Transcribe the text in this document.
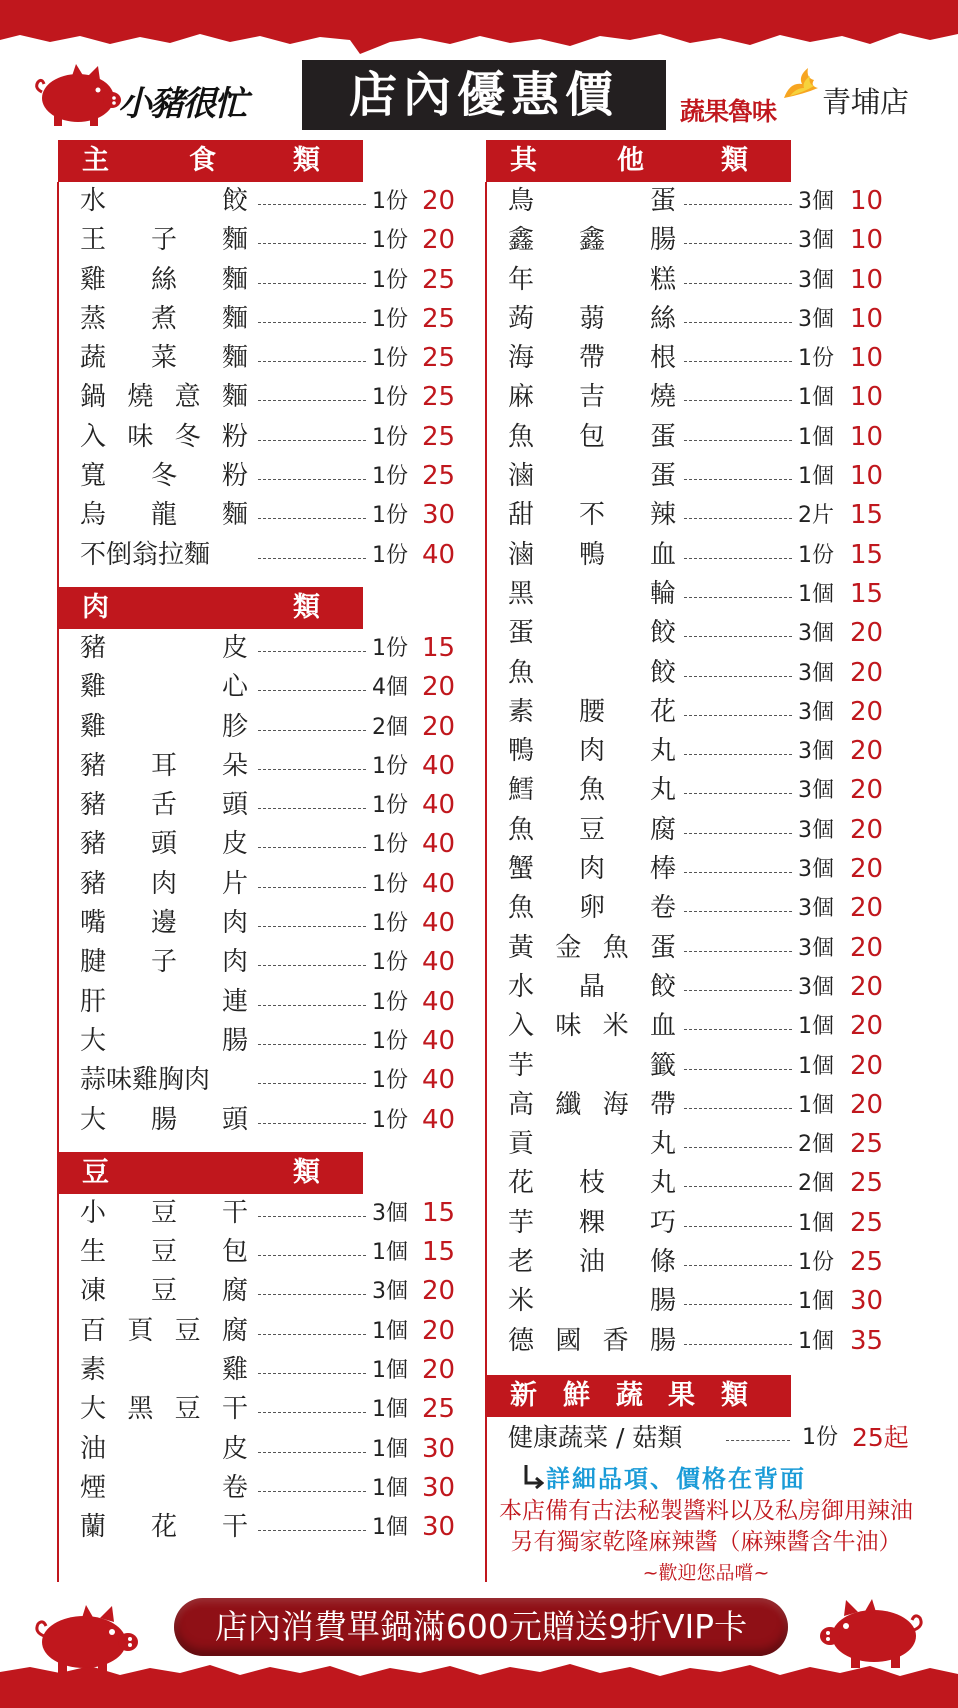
小豬很忙	店內優惠價	蔬果魯味 青埔店
主	食	類
水	餃	1份 20
王 子 麵	1份 20
雞 絲 麵	1份 25
蒸 煮 麵	1份 25
蔬 菜 麵	1份 25
鍋 燒 意 麵	1份 25
入 味 冬 粉	1份 25
寬 冬 粉	1份 25
烏 龍 麵	1份 30
不倒翁拉麵	1份 40
肉	類
豬	皮	1份 15
雞	心	4個 20
雞	胗	2個 20
豬 耳 朵	1份 40
豬 舌 頭	1份 40
豬 頭 皮	1份 40
豬 肉 片	1份 40
嘴 邊 肉	1份 40
腱 子 肉	1份 40
肝	連	1份 40
大	腸	1份 40
蒜味雞胸肉	1份 40
大 腸 頭	1份 40
豆	類
小 豆 干	3個 15
生 豆 包	1個 15
凍 豆 腐	3個 20
百 頁 豆 腐	1個 20
素	雞	1個 20
大 黑 豆 干	1個 25
油	皮	1個 30
煙	卷	1個 30
蘭 花 干	1個 30
其	他	類
鳥	蛋	3個 10
鑫 鑫 腸	3個 10
年	糕	3個 10
蒟 蒻 絲	3個 10
海 帶 根	1份 10
麻 吉 燒	1個 10
魚 包 蛋	1個 10
滷	蛋	1個 10
甜 不 辣	2片 15
滷 鴨 血	1份 15
黑	輪	1個 15
蛋	餃	3個 20
魚	餃	3個 20
素 腰 花	3個 20
鴨 肉 丸	3個 20
鱈 魚 丸	3個 20
魚 豆 腐	3個 20
蟹 肉 棒	3個 20
魚 卵 卷	3個 20
黃 金 魚 蛋	3個 20
水 晶 餃	3個 20
入 味 米 血	1個 20
芋	籤	1個 20
高 纖 海 帶	1個 20
貢	丸	2個 25
花 枝 丸	2個 25
芋 粿 巧	1個 25
老 油 條	1份 25
米	腸	1個 30
德 國 香 腸	1個 35
新 鮮 蔬 果 類
健康蔬菜 / 菇類	1份 25起
詳細品項、價格在背面
本店備有古法秘製醬料以及私房御用辣油
另有獨家乾隆麻辣醬（麻辣醬含牛油）
~歡迎您品嚐~
店內消費單鍋滿600元贈送9折VIP卡
